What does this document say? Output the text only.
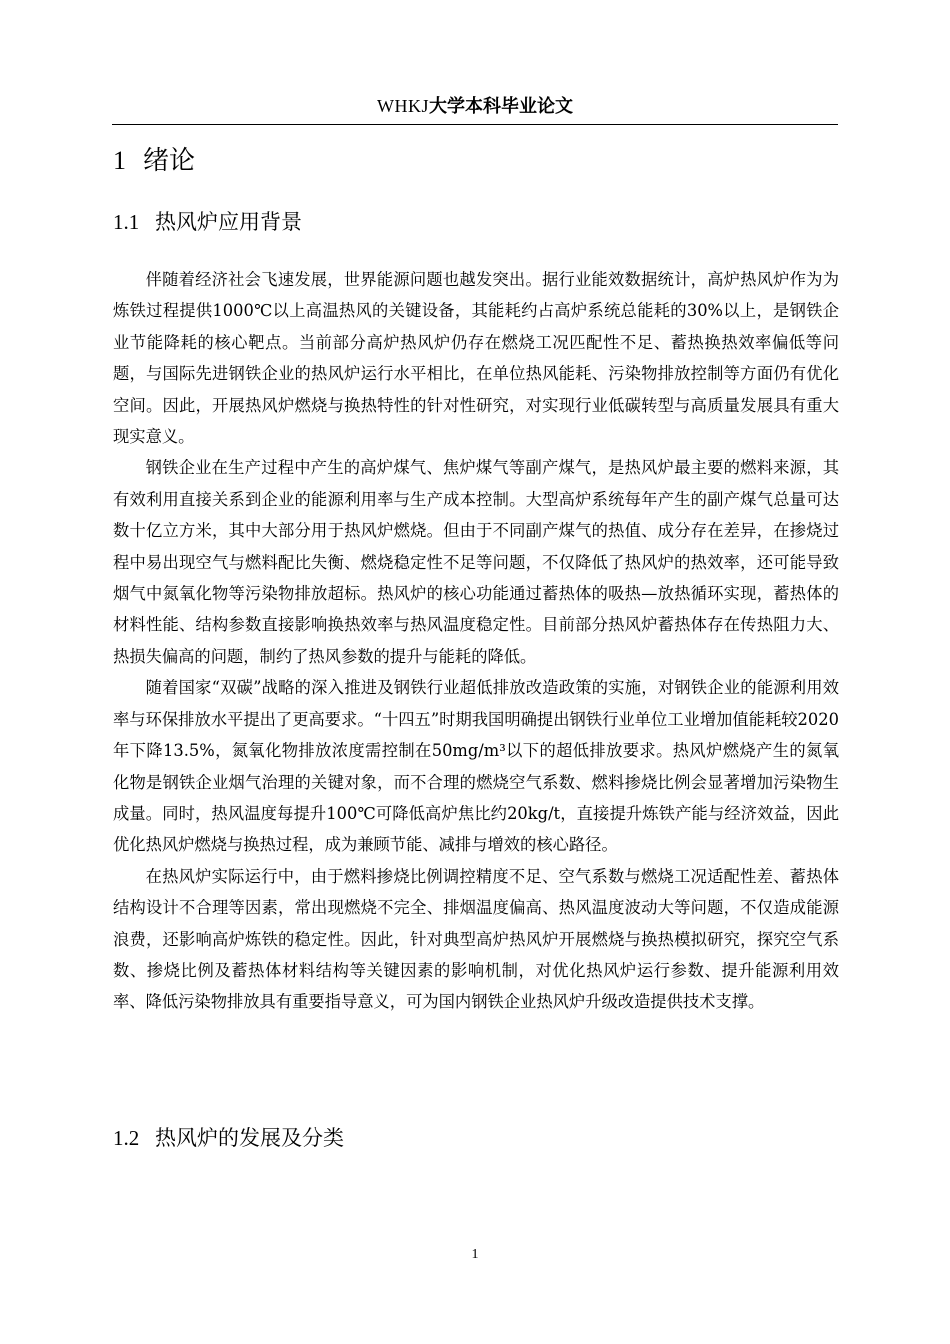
WHKJ大学本科毕业论文
1 绪论
1.1 热风炉应用背景

伴随着经济社会飞速发展，世界能源问题也越发突出。据行业能效数据统计，高炉热风炉作为为炼铁过程提供1000℃以上高温热风的关键设备，其能耗约占高炉系统总能耗的30%以上，是钢铁企业节能降耗的核心靶点。当前部分高炉热风炉仍存在燃烧工况匹配性不足、蓄热换热效率偏低等问题，与国际先进钢铁企业的热风炉运行水平相比，在单位热风能耗、污染物排放控制等方面仍有优化空间。因此，开展热风炉燃烧与换热特性的针对性研究，对实现行业低碳转型与高质量发展具有重大现实意义。

钢铁企业在生产过程中产生的高炉煤气、焦炉煤气等副产煤气，是热风炉最主要的燃料来源，其有效利用直接关系到企业的能源利用率与生产成本控制。大型高炉系统每年产生的副产煤气总量可达数十亿立方米，其中大部分用于热风炉燃烧。但由于不同副产煤气的热值、成分存在差异，在掺烧过程中易出现空气与燃料配比失衡、燃烧稳定性不足等问题，不仅降低了热风炉的热效率，还可能导致烟气中氮氧化物等污染物排放超标。热风炉的核心功能通过蓄热体的吸热—放热循环实现，蓄热体的材料性能、结构参数直接影响换热效率与热风温度稳定性。目前部分热风炉蓄热体存在传热阻力大、热损失偏高的问题，制约了热风参数的提升与能耗的降低。

随着国家“双碳”战略的深入推进及钢铁行业超低排放改造政策的实施，对钢铁企业的能源利用效率与环保排放水平提出了更高要求。“十四五”时期我国明确提出钢铁行业单位工业增加值能耗较2020年下降13.5%，氮氧化物排放浓度需控制在50mg/m³以下的超低排放要求。热风炉燃烧产生的氮氧化物是钢铁企业烟气治理的关键对象，而不合理的燃烧空气系数、燃料掺烧比例会显著增加污染物生成量。同时，热风温度每提升100℃可降低高炉焦比约20kg/t，直接提升炼铁产能与经济效益，因此优化热风炉燃烧与换热过程，成为兼顾节能、减排与增效的核心路径。

在热风炉实际运行中，由于燃料掺烧比例调控精度不足、空气系数与燃烧工况适配性差、蓄热体结构设计不合理等因素，常出现燃烧不完全、排烟温度偏高、热风温度波动大等问题，不仅造成能源浪费，还影响高炉炼铁的稳定性。因此，针对典型高炉热风炉开展燃烧与换热模拟研究，探究空气系数、掺烧比例及蓄热体材料结构等关键因素的影响机制，对优化热风炉运行参数、提升能源利用效率、降低污染物排放具有重要指导意义，可为国内钢铁企业热风炉升级改造提供技术支撑。

1.2 热风炉的发展及分类
1
